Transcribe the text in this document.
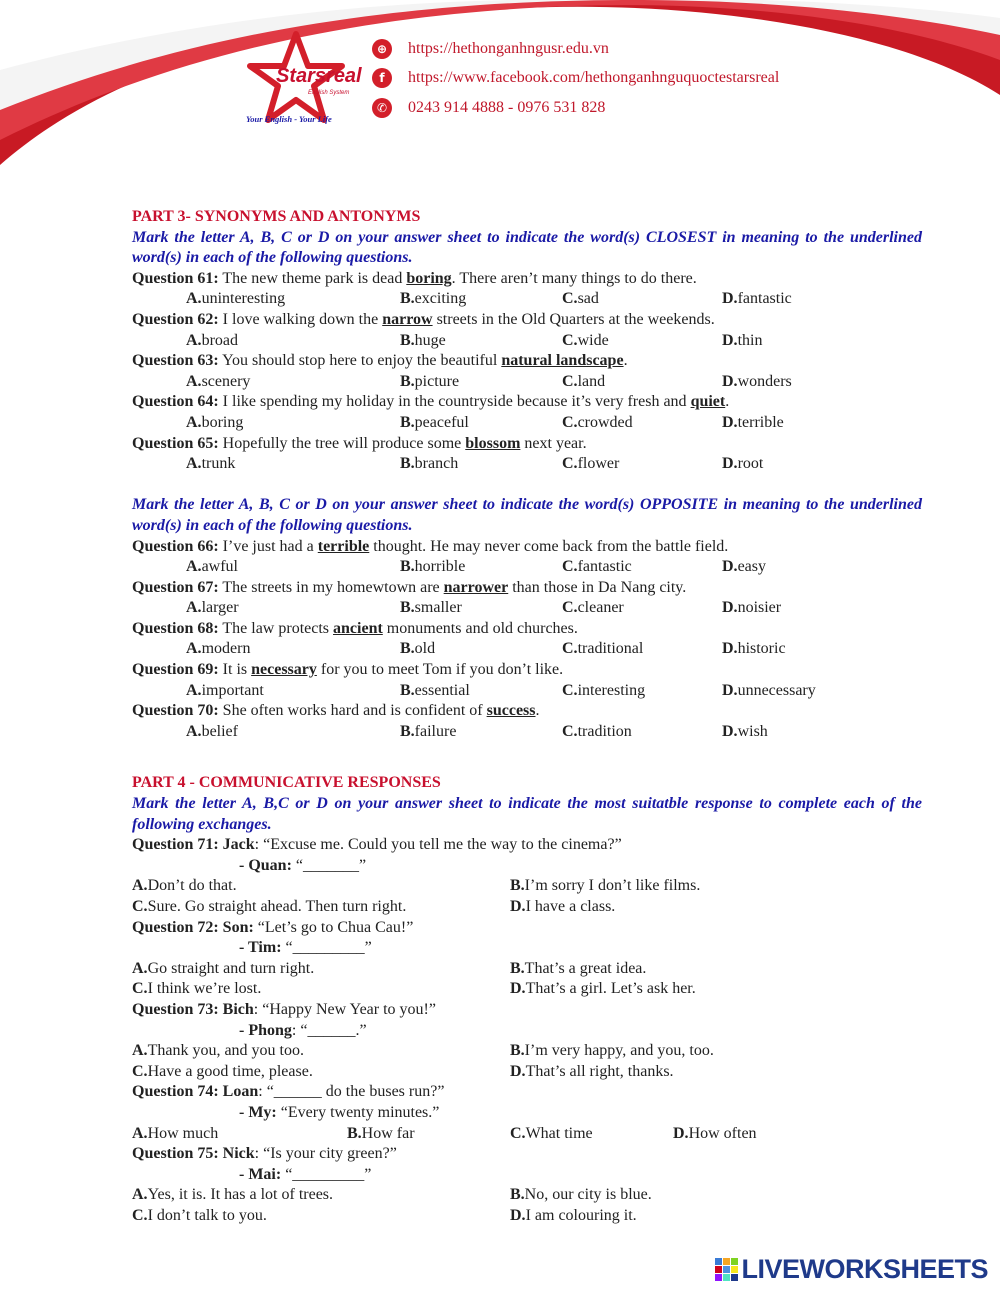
Starsreal
English System
Your English - Your Life
⊕	https://hethonganhngusr.edu.vn
f	https://www.facebook.com/hethonganhnguquoctestarsreal
✆	0243 914 4888 - 0976 531 828
PART 3- SYNONYMS AND ANTONYMS
Mark the letter A, B, C or D on your answer sheet to indicate the word(s) CLOSEST in meaning to the underlined word(s) in each of the following questions.
Question 61: The new theme park is dead boring. There aren’t many things to do there.
A. uninteresting	B. exciting	C. sad	D. fantastic
Question 62: I love walking down the narrow streets in the Old Quarters at the weekends.
A. broad	B. huge	C. wide	D. thin
Question 63: You should stop here to enjoy the beautiful natural landscape.
A. scenery	B. picture	C. land	D. wonders
Question 64: I like spending my holiday in the countryside because it’s very fresh and quiet.
A. boring	B. peaceful	C. crowded	D. terrible
Question 65: Hopefully the tree will produce some blossom next year.
A. trunk	B. branch	C. flower	D. root
Mark the letter A, B, C or D on your answer sheet to indicate the word(s) OPPOSITE in meaning to the underlined word(s) in each of the following questions.
Question 66: I’ve just had a terrible thought. He may never come back from the battle field.
A. awful	B. horrible	C. fantastic	D. easy
Question 67: The streets in my homewtown are narrower than those in Da Nang city.
A. larger	B. smaller	C. cleaner	D. noisier
Question 68: The law protects ancient monuments and old churches.
A. modern	B. old	C. traditional	D. historic
Question 69: It is necessary for you to meet Tom if you don’t like.
A. important	B. essential	C. interesting	D. unnecessary
Question 70: She often works hard and is confident of success.
A. belief	B. failure	C. tradition	D. wish
PART 4 - COMMUNICATIVE RESPONSES
Mark the letter A, B,C or D on your answer sheet to indicate the most suitatble response to complete each of the following exchanges.
Question 71: Jack: “Excuse me. Could you tell me the way to the cinema?”
- Quan: “_______”
A. Don’t do that.	B. I’m sorry I don’t like films.
C. Sure. Go straight ahead. Then turn right.	D. I have a class.
Question 72: Son: “Let’s go to Chua Cau!”
- Tim: “_________”
A. Go straight and turn right.	B. That’s a great idea.
C. I think we’re lost.	D. That’s a girl. Let’s ask her.
Question 73: Bich: “Happy New Year to you!”
- Phong: “______.”
A. Thank you, and you too.	B. I’m very happy, and you, too.
C. Have a good time, please.	D. That’s all right, thanks.
Question 74: Loan: “______ do the buses run?”
- My: “Every twenty minutes.”
A. How much	B. How far	C. What time	D. How often
Question 75: Nick: “Is your city green?”
- Mai: “_________”
A. Yes, it is. It has a lot of trees.	B. No, our city is blue.
C. I don’t talk to you.	D. I am colouring it.
LIVEWORKSHEETS
